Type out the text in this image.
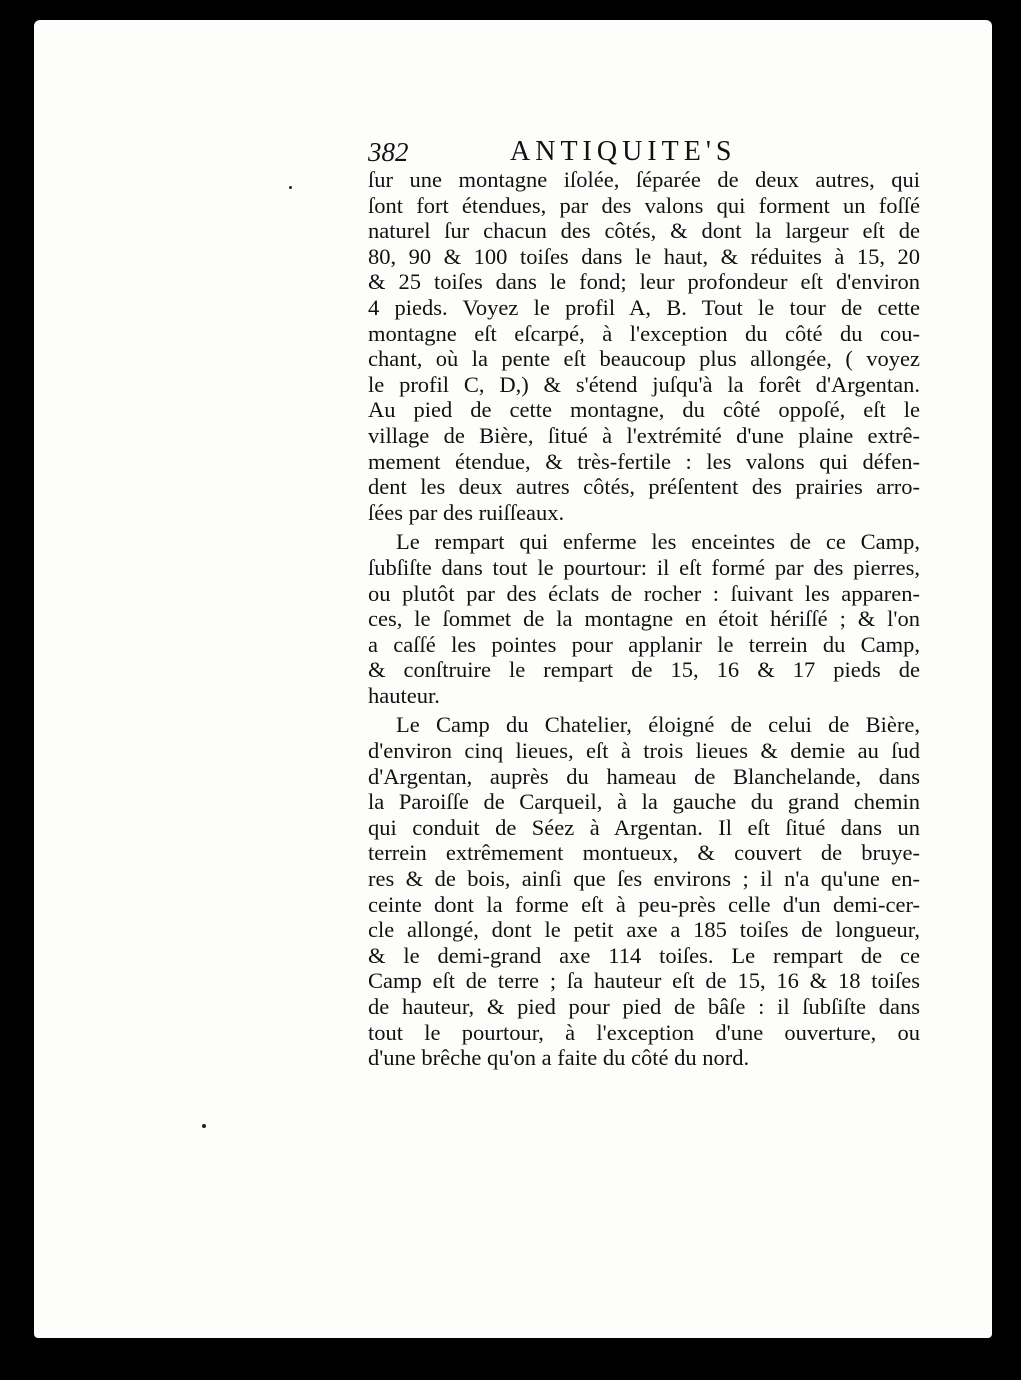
382	ANTIQUITE'S
ſur une montagne iſolée, ſéparée de deux autres, qui
ſont fort étendues, par des valons qui forment un foſſé
naturel ſur chacun des côtés, & dont la largeur eſt de
80, 90 & 100 toiſes dans le haut, & réduites à 15, 20
& 25 toiſes dans le fond; leur profondeur eſt d'environ
4 pieds. Voyez le profil A, B. Tout le tour de cette
montagne eſt eſcarpé, à l'exception du côté du cou-
chant, où la pente eſt beaucoup plus allongée, ( voyez
le profil C, D,) & s'étend juſqu'à la forêt d'Argentan.
Au pied de cette montagne, du côté oppoſé, eſt le
village de Bière, ſitué à l'extrémité d'une plaine extrê-
mement étendue, & très-fertile : les valons qui défen-
dent les deux autres côtés, préſentent des prairies arro-
ſées par des ruiſſeaux.
Le rempart qui enferme les enceintes de ce Camp,
ſubſiſte dans tout le pourtour: il eſt formé par des pierres,
ou plutôt par des éclats de rocher : ſuivant les apparen-
ces, le ſommet de la montagne en étoit hériſſé ; & l'on
a caſſé les pointes pour applanir le terrein du Camp,
& conſtruire le rempart de 15, 16 & 17 pieds de
hauteur.
Le Camp du Chatelier, éloigné de celui de Bière,
d'environ cinq lieues, eſt à trois lieues & demie au ſud
d'Argentan, auprès du hameau de Blanchelande, dans
la Paroiſſe de Carqueil, à la gauche du grand chemin
qui conduit de Séez à Argentan. Il eſt ſitué dans un
terrein extrêmement montueux, & couvert de bruye-
res & de bois, ainſi que ſes environs ; il n'a qu'une en-
ceinte dont la forme eſt à peu-près celle d'un demi-cer-
cle allongé, dont le petit axe a 185 toiſes de longueur,
& le demi-grand axe 114 toiſes. Le rempart de ce
Camp eſt de terre ; ſa hauteur eſt de 15, 16 & 18 toiſes
de hauteur, & pied pour pied de bâſe : il ſubſiſte dans
tout le pourtour, à l'exception d'une ouverture, ou
d'une brêche qu'on a faite du côté du nord.
